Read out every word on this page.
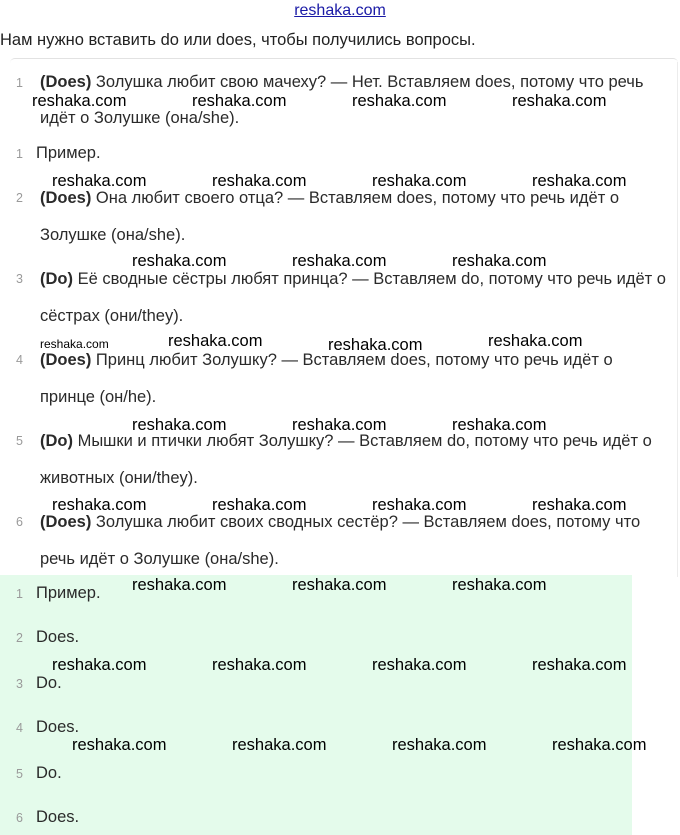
reshaka.com
Нам нужно вставить do или does, чтобы получились вопросы.
1 (Does) Золушка любит свою мачеху? — Нет. Вставляем does, потому что речь идёт о Золушке (она/she).
1 Пример.
2 (Does) Она любит своего отца? — Вставляем does, потому что речь идёт о Золушке (она/she).
3 (Do) Её сводные сёстры любят принца? — Вставляем do, потому что речь идёт о сёстрах (они/they).
4 (Does) Принц любит Золушку? — Вставляем does, потому что речь идёт о принце (он/he).
5 (Do) Мышки и птички любят Золушку? — Вставляем do, потому что речь идёт о животных (они/they).
6 (Does) Золушка любит своих сводных сестёр? — Вставляем does, потому что речь идёт о Золушке (она/she).
1 Пример.
2 Does.
3 Do.
4 Does.
5 Do.
6 Does.
reshaka.com	reshaka.com	reshaka.com	reshaka.com
reshaka.com	reshaka.com	reshaka.com	reshaka.com
reshaka.com	reshaka.com	reshaka.com
reshaka.com	reshaka.com	reshaka.com	reshaka.com
reshaka.com	reshaka.com	reshaka.com
reshaka.com	reshaka.com	reshaka.com	reshaka.com
reshaka.com	reshaka.com	reshaka.com
reshaka.com	reshaka.com	reshaka.com	reshaka.com
reshaka.com	reshaka.com	reshaka.com	reshaka.com
